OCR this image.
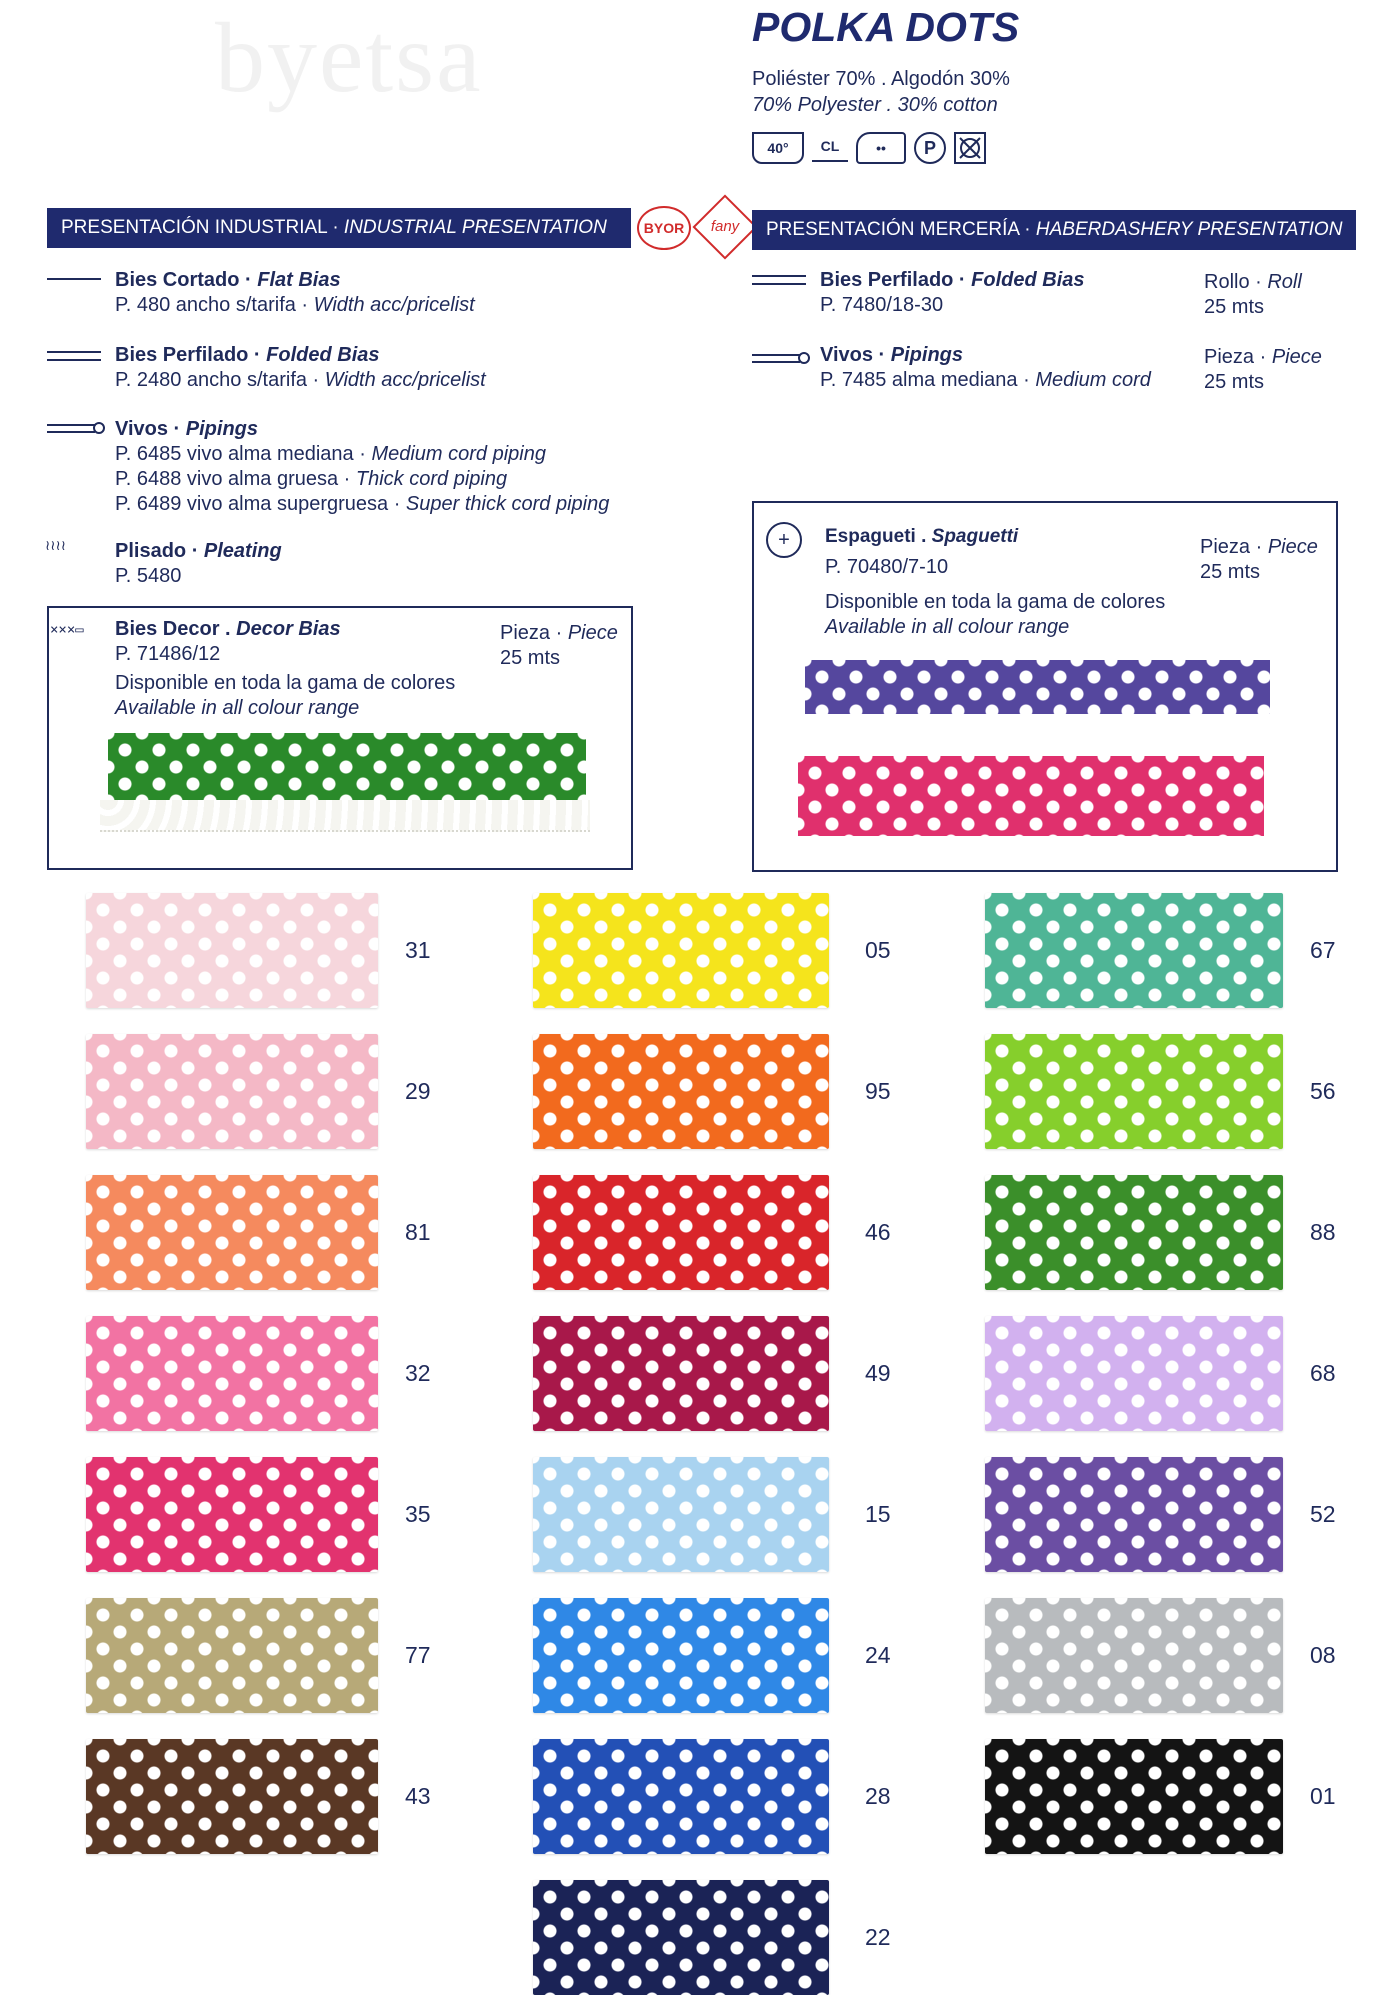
byetsa	POLKA DOTS
Poliéster 70% . Algodón 30%
70% Polyester . 30% cotton
40°	CL	••	P
PRESENTACIÓN INDUSTRIAL · INDUSTRIAL PRESENTATION	BYOR	fany	PRESENTACIÓN MERCERÍA · HABERDASHERY PRESENTATION
Bies Cortado · Flat Bias
P. 480 ancho s/tarifa · Width acc/pricelist
Bies Perfilado · Folded Bias
P. 2480 ancho s/tarifa · Width acc/pricelist
Vivos · Pipings
P. 6485 vivo alma mediana · Medium cord piping
P. 6488 vivo alma gruesa · Thick cord piping
P. 6489 vivo alma supergruesa · Super thick cord piping
≀≀≀≀ Plisado · Pleating
P. 5480
×××▭ Bies Decor . Decor Bias
P. 71486/12
Disponible en toda la gama de colores
Available in all colour range
Pieza · Piece
25 mts
Bies Perfilado · Folded Bias
P. 7480/18-30
Rollo · Roll
25 mts
Vivos · Pipings
P. 7485 alma mediana · Medium cord
Pieza · Piece
25 mts
+	Espagueti . Spaguetti
P. 70480/7-10
Disponible en toda la gama de colores
Available in all colour range
Pieza · Piece
25 mts
31
29
81
32
35
77
43
05
95
46
49
15
24
28
22
67
56
88
68
52
08
01
